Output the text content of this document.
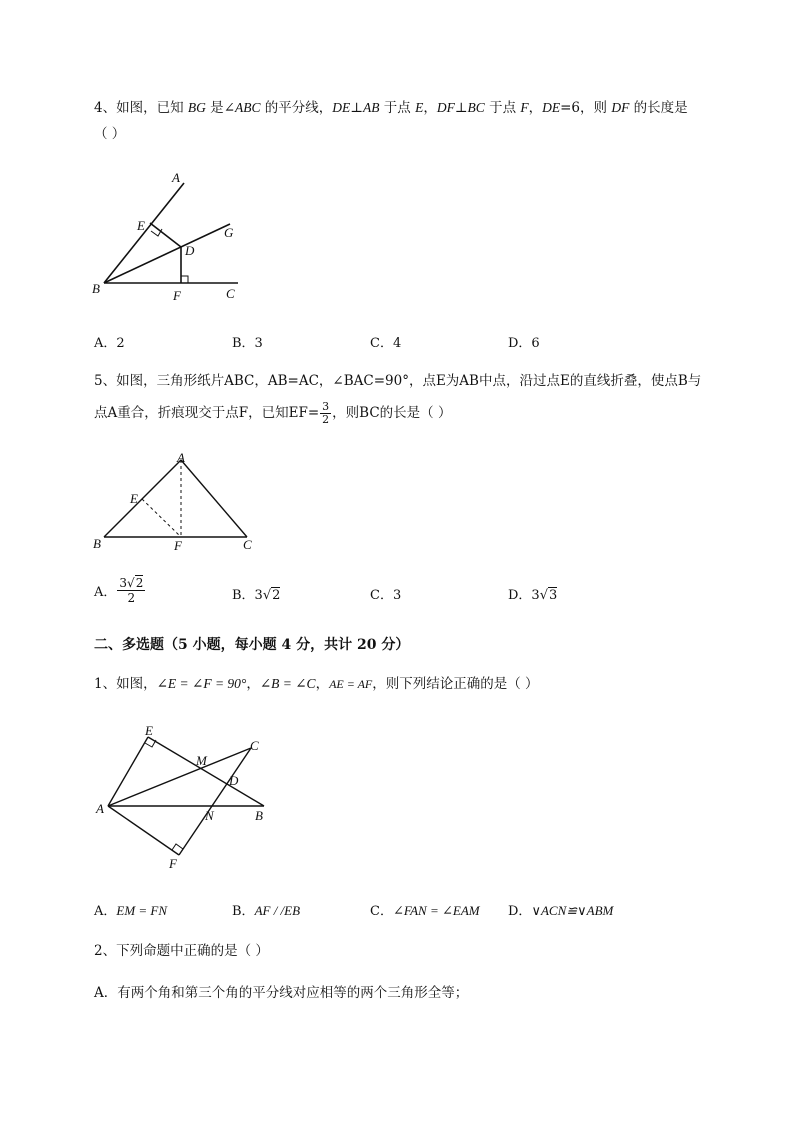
4、如图，已知 BG 是∠ABC 的平分线，DE⊥AB 于点 E，DF⊥BC 于点 F，DE=6，则 DF 的长度是
（ ）
A
E
D
G
B	F	C
A．2	B．3	C．4	D．6
5、如图，三角形纸片ABC，AB=AC，∠BAC=90°，点E为AB中点，沿过点E的直线折叠，使点B与
点A重合，折痕现交于点F，已知$EF= \frac{3}{2}$ ，则BC的长是（ ）
A
E
B	F	C
A． $\frac{3√2}{2}$	B．3√2	C．3	D．3√3
二、多选题（5 小题，每小题 4 分，共计 20 分）
1、如图，∠E = ∠F = 90°，∠B = ∠C，AE = AF，则下列结论正确的是（ ）
E
C
M
D
A	N	B
F
A．EM = FN	B．AF / /EB	C．∠FAN = ∠EAM D．∨ACN≌∨ABM
2、下列命题中正确的是（ ）
A．有两个角和第三个角的平分线对应相等的两个三角形全等；
